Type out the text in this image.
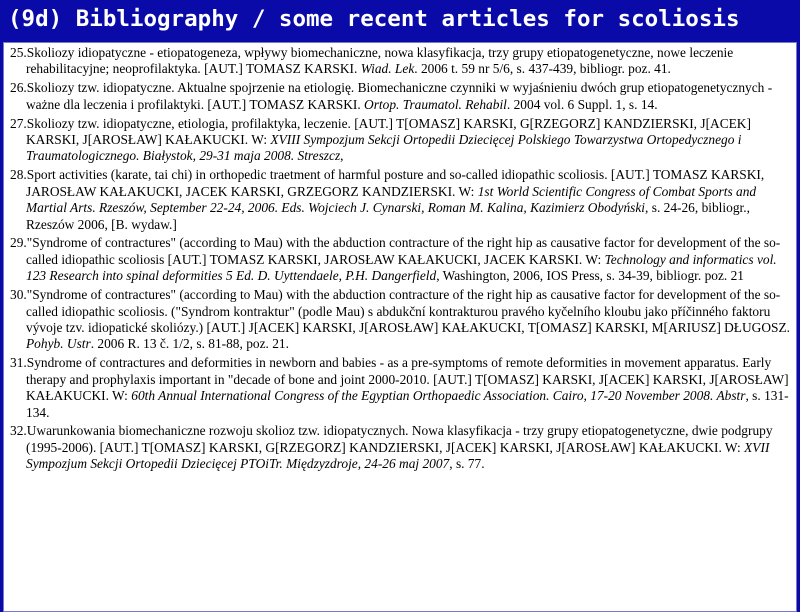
(9d) Bibliography / some recent articles for scoliosis
25.Skoliozy idiopatyczne - etiopatogeneza, wpływy biomechaniczne, nowa klasyfikacja, trzy grupy etiopatogenetyczne, nowe leczenie rehabilitacyjne; neoprofilaktyka. [AUT.] TOMASZ KARSKI. Wiad. Lek. 2006 t. 59 nr 5/6, s. 437-439, bibliogr. poz. 41.
26.Skoliozy tzw. idiopatyczne. Aktualne spojrzenie na etiologię. Biomechaniczne czynniki w wyjaśnieniu dwóch grup etiopatogenetycznych - ważne dla leczenia i profilaktyki. [AUT.] TOMASZ KARSKI. Ortop. Traumatol. Rehabil. 2004 vol. 6 Suppl. 1, s. 14.
27.Skoliozy tzw. idiopatyczne, etiologia, profilaktyka, leczenie. [AUT.] T[OMASZ] KARSKI, G[RZEGORZ] KANDZIERSKI, J[ACEK] KARSKI, J[AROSŁAW] KAŁAKUCKI. W: XVIII Sympozjum Sekcji Ortopedii Dziecięcej Polskiego Towarzystwa Ortopedycznego i Traumatologicznego. Białystok, 29-31 maja 2008. Streszcz,
28.Sport activities (karate, tai chi) in orthopedic traetment of harmful posture and so-called idiopathic scoliosis. [AUT.] TOMASZ KARSKI, JAROSŁAW KAŁAKUCKI, JACEK KARSKI, GRZEGORZ KANDZIERSKI. W: 1st World Scientific Congress of Combat Sports and Martial Arts. Rzeszów, September 22-24, 2006. Eds. Wojciech J. Cynarski, Roman M. Kalina, Kazimierz Obodyński, s. 24-26, bibliogr., Rzeszów 2006, [B. wydaw.]
29."Syndrome of contractures" (according to Mau) with the abduction contracture of the right hip as causative factor for development of the so-called idiopathic scoliosis [AUT.] TOMASZ KARSKI, JAROSŁAW KAŁAKUCKI, JACEK KARSKI. W: Technology and informatics vol. 123 Research into spinal deformities 5 Ed. D. Uyttendaele, P.H. Dangerfield, Washington, 2006, IOS Press, s. 34-39, bibliogr. poz. 21
30."Syndrome of contractures" (according to Mau) with the abduction contracture of the right hip as causative factor for development of the so-called idiopathic scoliosis. ("Syndrom kontraktur" (podle Mau) s abdukční kontrakturou pravého kyčelního kloubu jako příčinného faktoru vývoje tzv. idiopatické skoliózy.) [AUT.] J[ACEK] KARSKI, J[AROSŁAW] KAŁAKUCKI, T[OMASZ] KARSKI, M[ARIUSZ] DŁUGOSZ. Pohyb. Ustr. 2006 R. 13 č. 1/2, s. 81-88, poz. 21.
31.Syndrome of contractures and deformities in newborn and babies - as a pre-symptoms of remote deformities in movement apparatus. Early therapy and prophylaxis important in "decade of bone and joint 2000-2010. [AUT.] T[OMASZ] KARSKI, J[ACEK] KARSKI, J[AROSŁAW] KAŁAKUCKI. W: 60th Annual International Congress of the Egyptian Orthopaedic Association. Cairo, 17-20 November 2008. Abstr, s. 131-134.
32.Uwarunkowania biomechaniczne rozwoju skolioz tzw. idiopatycznych. Nowa klasyfikacja - trzy grupy etiopatogenetyczne, dwie podgrupy (1995-2006). [AUT.] T[OMASZ] KARSKI, G[RZEGORZ] KANDZIERSKI, J[ACEK] KARSKI, J[AROSŁAW] KAŁAKUCKI. W: XVII Sympozjum Sekcji Ortopedii Dziecięcej PTOiTr. Międzyzdroje, 24-26 maj 2007, s. 77.
